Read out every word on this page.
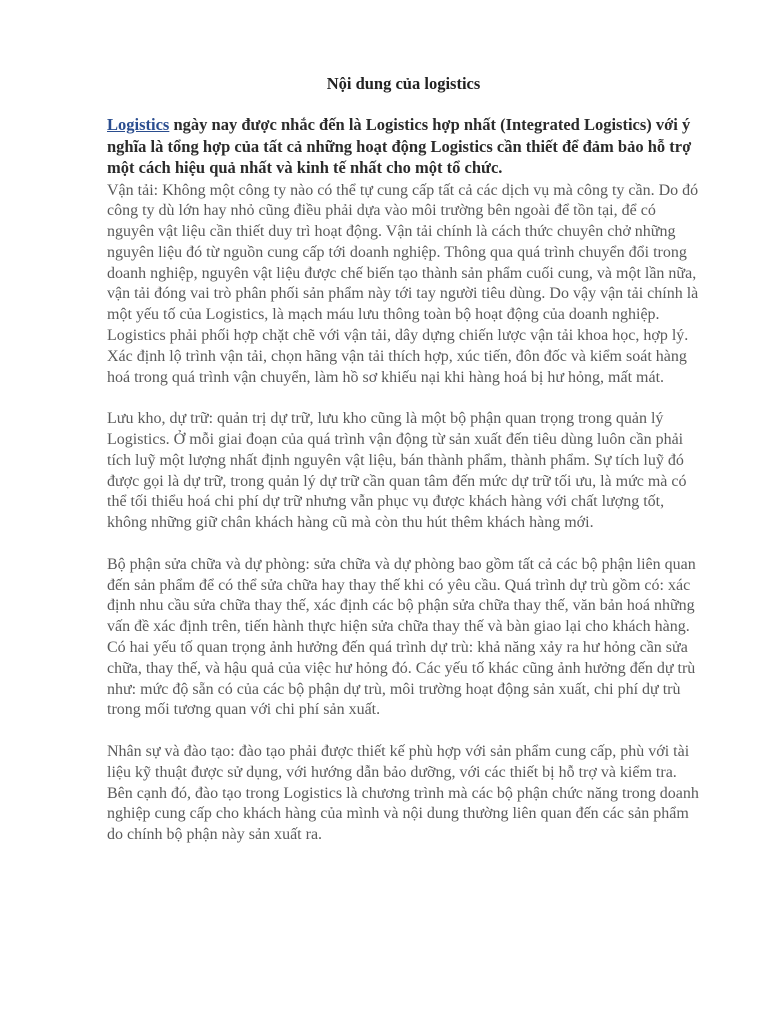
Nội dung của logistics

Logistics ngày nay được nhắc đến là Logistics hợp nhất (Integrated Logistics) với ý nghĩa là tổng hợp của tất cả những hoạt động Logistics cần thiết để đảm bảo hỗ trợ một cách hiệu quả nhất và kinh tế nhất cho một tổ chức.

Vận tải: Không một công ty nào có thể tự cung cấp tất cả các dịch vụ mà công ty cần. Do đó công ty dù lớn hay nhỏ cũng điều phải dựa vào môi trường bên ngoài để tồn tại, để có nguyên vật liệu cần thiết duy trì hoạt động. Vận tải chính là cách thức chuyên chở những nguyên liệu đó từ nguồn cung cấp tới doanh nghiệp. Thông qua quá trình chuyển đổi trong doanh nghiệp, nguyên vật liệu được chế biến tạo thành sản phẩm cuối cung, và một lần nữa, vận tải đóng vai trò phân phối sản phẩm này tới tay người tiêu dùng. Do vậy vận tải chính là một yếu tố của Logistics, là mạch máu lưu thông toàn bộ hoạt động của doanh nghiệp. Logistics phải phối hợp chặt chẽ với vận tải, dây dựng chiến lược vận tải khoa học, hợp lý. Xác định lộ trình vận tải, chọn hãng vận tải thích hợp, xúc tiến, đôn đốc và kiểm soát hàng hoá trong quá trình vận chuyển, làm hồ sơ khiếu nại khi hàng hoá bị hư hỏng, mất mát.

Lưu kho, dự trữ: quản trị dự trữ, lưu kho cũng là một bộ phận quan trọng trong quản lý Logistics. Ở mỗi giai đoạn của quá trình vận động từ sản xuất đến tiêu dùng luôn cần phải tích luỹ một lượng nhất định nguyên vật liệu, bán thành phẩm, thành phẩm. Sự tích luỹ đó được gọi là dự trữ, trong quản lý dự trữ cần quan tâm đến mức dự trữ tối ưu, là mức mà có thể tối thiểu hoá chi phí dự trữ nhưng vẫn phục vụ được khách hàng với chất lượng tốt, không những giữ chân khách hàng cũ mà còn thu hút thêm khách hàng mới.

Bộ phận sửa chữa và dự phòng: sửa chữa và dự phòng bao gồm tất cả các bộ phận liên quan đến sản phẩm để có thể sửa chữa hay thay thế khi có yêu cầu. Quá trình dự trù gồm có: xác định nhu cầu sửa chữa thay thế, xác định các bộ phận sửa chữa thay thế, văn bản hoá những vấn đề xác định trên, tiến hành thực hiện sửa chữa thay thế và bàn giao lại cho khách hàng. Có hai yếu tố quan trọng ảnh hưởng đến quá trình dự trù: khả năng xảy ra hư hỏng cần sửa chữa, thay thế, và hậu quả của việc hư hỏng đó. Các yếu tố khác cũng ảnh hưởng đến dự trù như: mức độ sẵn có của các bộ phận dự trù, môi trường hoạt động sản xuất, chi phí dự trù trong mối tương quan với chi phí sản xuất.

Nhân sự và đào tạo: đào tạo phải được thiết kế phù hợp với sản phẩm cung cấp, phù với tài liệu kỹ thuật được sử dụng, với hướng dẫn bảo dưỡng, với các thiết bị hỗ trợ và kiểm tra. Bên cạnh đó, đào tạo trong Logistics là chương trình mà các bộ phận chức năng trong doanh nghiệp cung cấp cho khách hàng của mình và nội dung thường liên quan đến các sản phẩm do chính bộ phận này sản xuất ra.
